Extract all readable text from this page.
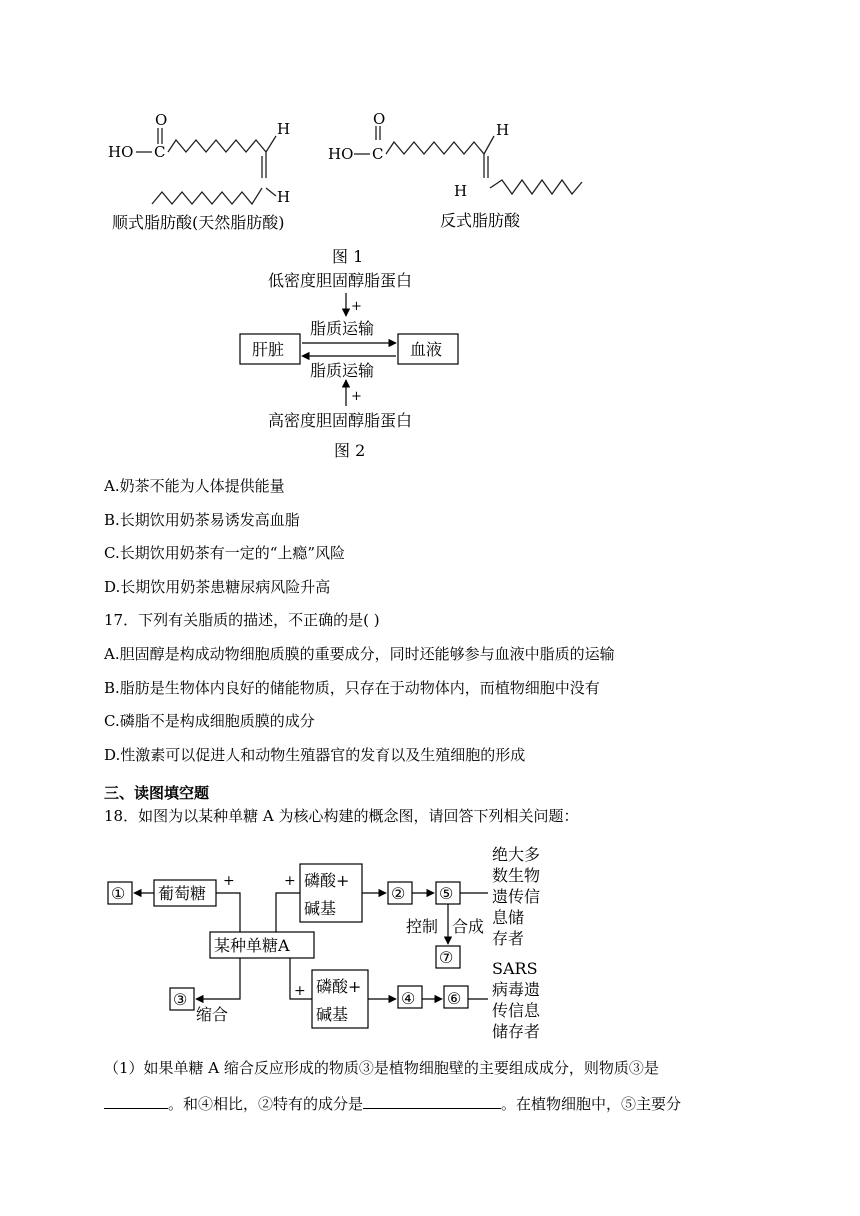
O
HO C
H
H
O
HO C
H
H
顺式脂肪酸(天然脂肪酸)	反式脂肪酸
图 1
低密度胆固醇脂蛋白
+
脂质运输
肝脏	血液
脂质运输
+
高密度胆固醇脂蛋白
图 2
A.奶茶不能为人体提供能量
B.长期饮用奶茶易诱发高血脂
C.长期饮用奶茶有一定的“上瘾”风险
D.长期饮用奶茶患糖尿病风险升高
17．下列有关脂质的描述，不正确的是( )
A.胆固醇是构成动物细胞质膜的重要成分，同时还能够参与血液中脂质的运输
B.脂肪是生物体内良好的储能物质，只存在于动物体内，而植物细胞中没有
C.磷脂不是构成细胞质膜的成分
D.性激素可以促进人和动物生殖器官的发育以及生殖细胞的形成
三、读图填空题
18．如图为以某种单糖 A 为核心构建的概念图，请回答下列相关问题：
① 葡萄糖
+
某种单糖A
+ 磷酸+
碱基
② ⑤
控制 合成
⑦
③
缩合
+ 磷酸+
碱基
④ ⑥
绝大多
数生物
遗传信
息储
存者
SARS
病毒遗
传信息
储存者
（1）如果单糖 A 缩合反应形成的物质③是植物细胞壁的主要组成成分，则物质③是
。和④相比，②特有的成分是	。在植物细胞中，⑤主要分
